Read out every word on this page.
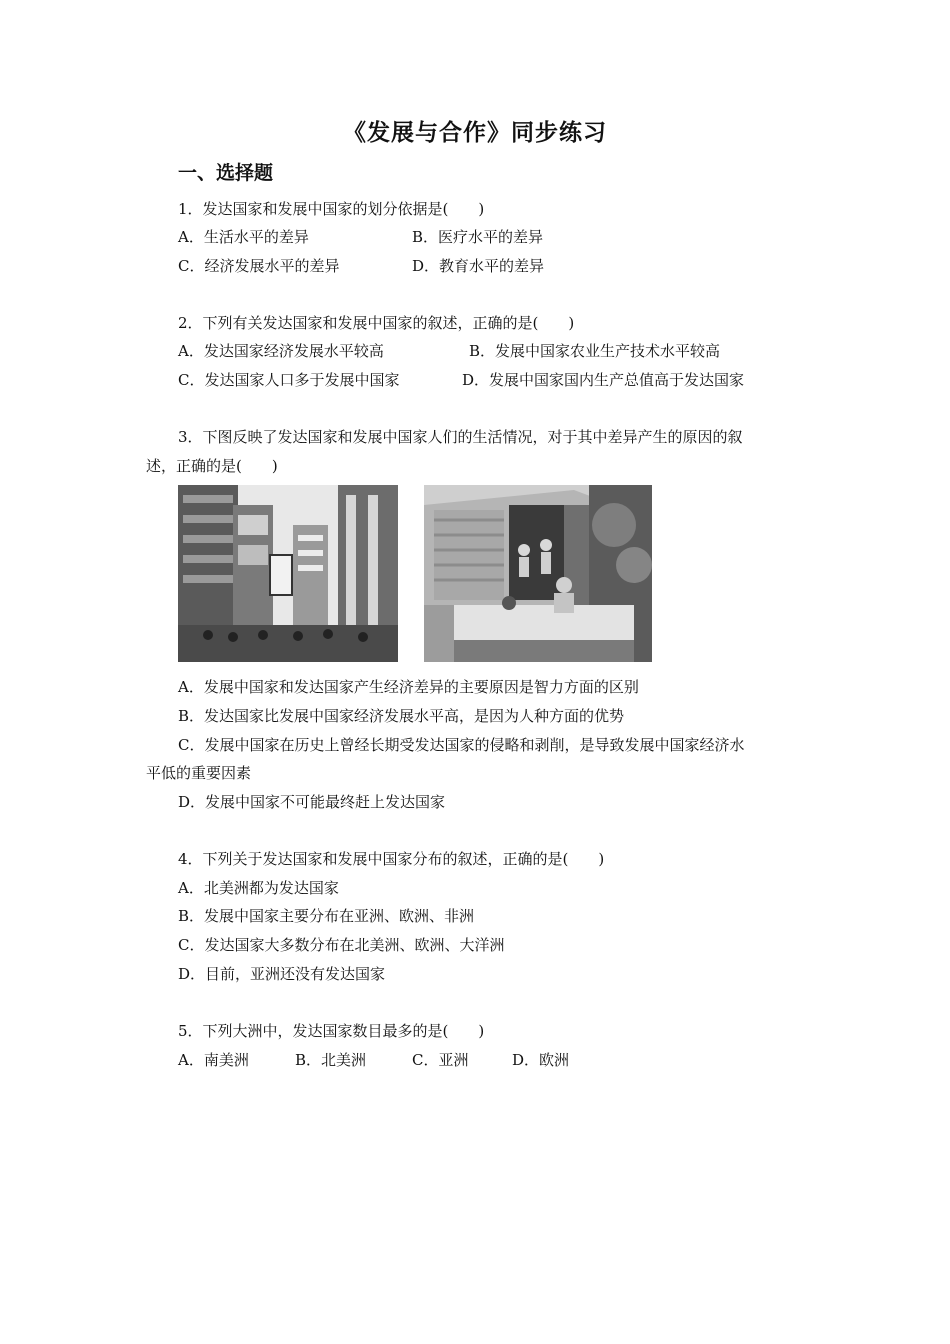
《发展与合作》同步练习
一、选择题
1．发达国家和发展中国家的划分依据是(　　)
A．生活水平的差异	B．医疗水平的差异
C．经济发展水平的差异	D．教育水平的差异
2．下列有关发达国家和发展中国家的叙述，正确的是(　　)
A．发达国家经济发展水平较高	B．发展中国家农业生产技术水平较高
C．发达国家人口多于发展中国家	D．发展中国家国内生产总值高于发达国家
3．下图反映了发达国家和发展中国家人们的生活情况，对于其中差异产生的原因的叙
述，正确的是(　　)
A．发展中国家和发达国家产生经济差异的主要原因是智力方面的区别
B．发达国家比发展中国家经济发展水平高，是因为人种方面的优势
C．发展中国家在历史上曾经长期受发达国家的侵略和剥削，是导致发展中国家经济水
平低的重要因素
D．发展中国家不可能最终赶上发达国家
4．下列关于发达国家和发展中国家分布的叙述，正确的是(　　)
A．北美洲都为发达国家
B．发展中国家主要分布在亚洲、欧洲、非洲
C．发达国家大多数分布在北美洲、欧洲、大洋洲
D．目前，亚洲还没有发达国家
5．下列大洲中，发达国家数目最多的是(　　)
A．南美洲	B．北美洲	C．亚洲	D．欧洲
